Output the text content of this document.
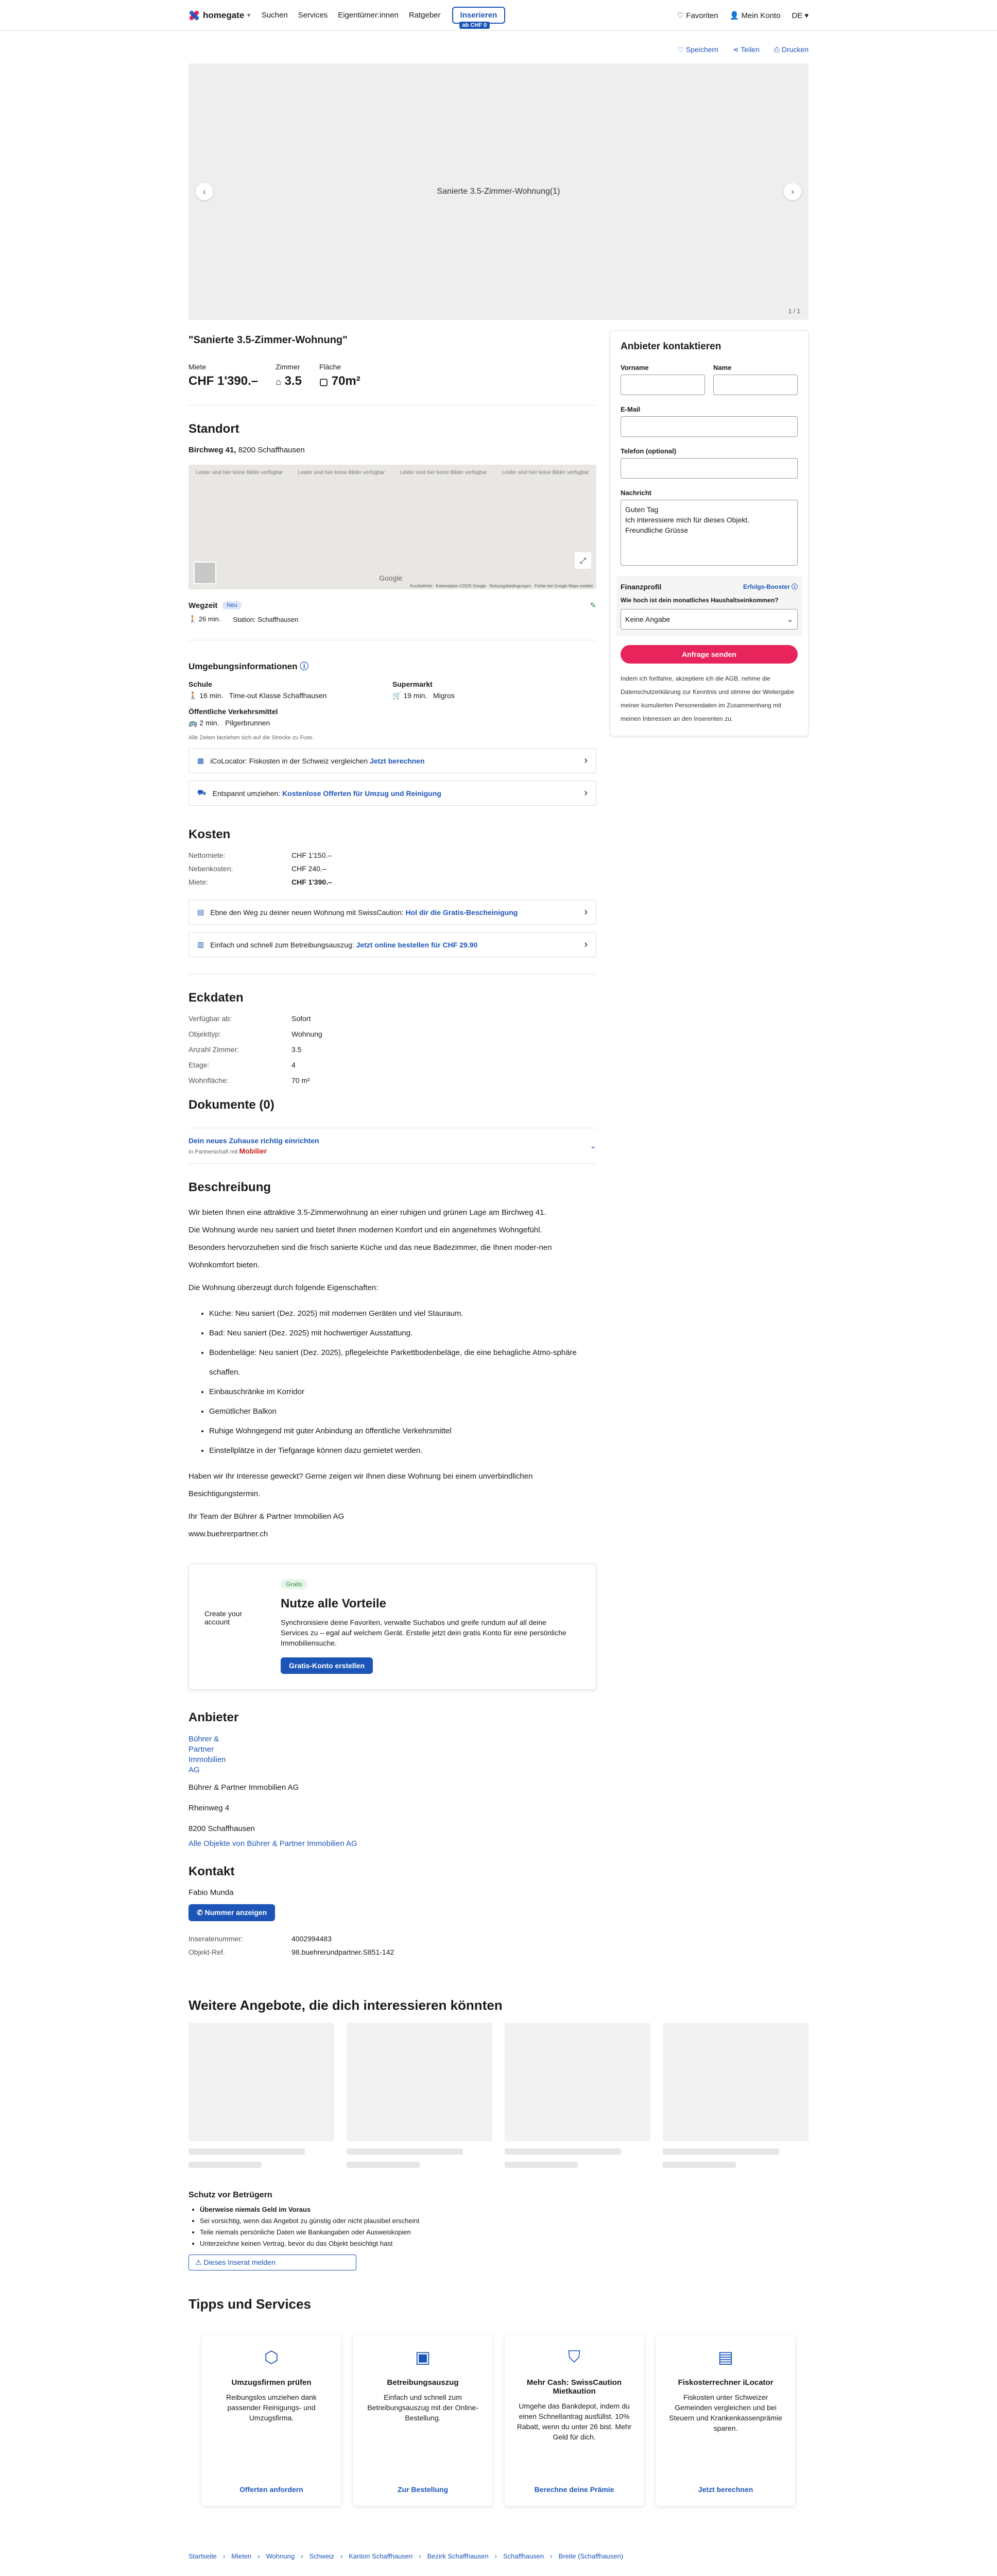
homegate ▾ Suchen Services Eigentümer:innen Ratgeber	Inserieren
ab CHF 0
♡ Favoriten 👤 Mein Konto DE ▾
♡ Speichern ⋖ Teilen ⎙ Drucken
‹	Sanierte 3.5-Zimmer-Wohnung(1)	›
1 / 1
"Sanierte 3.5-Zimmer-Wohnung"
Miete
CHF 1'390.–
Zimmer
⌂ 3.5
Fläche
▢ 70m²
Standort
Birchweg 41, 8200 Schaffhausen
Leider sind hier keine Bilder verfügbar	Leider sind hier keine Bilder verfügbar	Leider sind hier keine Bilder verfügbar	Leider sind hier keine Bilder verfügbar
⤢
Google
Kurzbefehle · Kartendaten ©2025 Google · Nutzungsbedingungen · Fehler bei Google Maps melden
Wegzeit	Neu	✎
🚶 26 min. Station: Schaffhausen
Umgebungsinformationen ⓘ
Schule
🚶 16 min. Time-out Klasse Schaffhausen
Supermarkt
🛒 19 min. Migros
Öffentliche Verkehrsmittel
🚌 2 min. Pilgerbrunnen
Alle Zeiten beziehen sich auf die Strecke zu Fuss.
▦ iCoLocator: Fiskosten in der Schweiz vergleichen Jetzt berechnen	›
⛟ Entspannt umziehen: Kostenlose Offerten für Umzug und Reinigung	›
Kosten
Nettomiete:	CHF 1'150.–
Nebenkosten:	CHF 240.–
Miete:	CHF 1'390.–
▤ Ebne den Weg zu deiner neuen Wohnung mit SwissCaution: Hol dir die Gratis-Bescheinigung	›
▥ Einfach und schnell zum Betreibungsauszug: Jetzt online bestellen für CHF 29.90	›
Eckdaten
Verfügbar ab:	Sofort
Objekttyp:	Wohnung
Anzahl Zimmer:	3.5
Etage:	4
Wohnfläche:	70 m²
Dokumente (0)
Dein neues Zuhause richtig einrichten
In Partnerschaft mit Mobilier
⌄
Beschreibung

Wir bieten Ihnen eine attraktive 3.5-Zimmerwohnung an einer ruhigen und grünen Lage am Birchweg 41.

Die Wohnung wurde neu saniert und bietet Ihnen modernen Komfort und ein angenehmes Wohngefühl.

Besonders hervorzuheben sind die frisch sanierte Küche und das neue Badezimmer, die Ihnen moder-nen Wohnkomfort bieten.

Die Wohnung überzeugt durch folgende Eigenschaften:

• Küche: Neu saniert (Dez. 2025) mit modernen Geräten und viel Stauraum.
• Bad: Neu saniert (Dez. 2025) mit hochwertiger Ausstattung.
• Bodenbeläge: Neu saniert (Dez. 2025), pflegeleichte Parkettbodenbeläge, die eine behagliche Atmo-sphäre schaffen.
• Einbauschränke im Korridor
• Gemütlicher Balkon
• Ruhige Wohngegend mit guter Anbindung an öffentliche Verkehrsmittel
• Einstellplätze in der Tiefgarage können dazu gemietet werden.

Haben wir Ihr Interesse geweckt? Gerne zeigen wir Ihnen diese Wohnung bei einem unverbindlichen Besichtigungstermin.

Ihr Team der Bührer & Partner Immobilien AG

www.buehrerpartner.ch

Create your account
Gratis
Nutze alle Vorteile
Synchronisiere deine Favoriten, verwalte Suchabos und greife rundum auf all deine Services zu – egal auf welchem Gerät. Erstelle jetzt dein gratis Konto für eine persönliche Immobiliensuche.
Gratis-Konto erstellen
Anbieter
Bührer & Partner Immobilien AG
Bührer & Partner Immobilien AG
Rheinweg 4
8200 Schaffhausen
Alle Objekte von Bührer & Partner Immobilien AG
Kontakt
Fabio Munda
✆ Nummer anzeigen
Inseratenummer:	4002994483
Objekt-Ref.	98.buehrerundpartner.S851-142
Anbieter kontaktieren
Vorname	Name
E-Mail
Telefon (optional)
Nachricht
Guten Tag
Ich interessiere mich für dieses Objekt.
Freundliche Grüsse
Finanzprofil	Erfolgs-Booster ⓘ
Wie hoch ist dein monatliches Haushaltseinkommen?
Keine Angabe	⌄
Anfrage senden
Indem ich fortfahre, akzeptiere ich die AGB, nehme die Datenschutzerklärung zur Kenntnis und stimme der Weitergabe meiner kumulierten Personendaten im Zusammenhang mit meinen Interessen an den Inserenten zu.
Weitere Angebote, die dich interessieren könnten
Schutz vor Betrügern
• Überweise niemals Geld im Voraus
• Sei vorsichtig, wenn das Angebot zu günstig oder nicht plausibel erscheint
• Teile niemals persönliche Daten wie Bankangaben oder Ausweiskopien
• Unterzeichne keinen Vertrag, bevor du das Objekt besichtigt hast
⚠ Dieses Inserat melden
Tipps und Services
⬡
Umzugsfirmen prüfen

Reibungslos umziehen dank passender Reinigungs- und Umzugsfirma.

Offerten anfordern
▣
Betreibungsauszug

Einfach und schnell zum Betreibungsauszug mit der Online-Bestellung.

Zur Bestellung
⛉
Mehr Cash: SwissCaution Mietkaution

Umgehe das Bankdepot, indem du einen Schnellantrag ausfüllst. 10% Rabatt, wenn du unter 26 bist. Mehr Geld für dich.

Berechne deine Prämie
▤
Fiskosterrechner iLocator

Fiskosten unter Schweizer Gemeinden vergleichen und bei Steuern und Krankenkassenprämie sparen.

Jetzt berechnen
Startseite › Mieten › Wohnung › Schweiz › Kanton Schaffhausen › Bezirk Schaffhausen › Schaffhausen › Breite (Schaffhausen)
